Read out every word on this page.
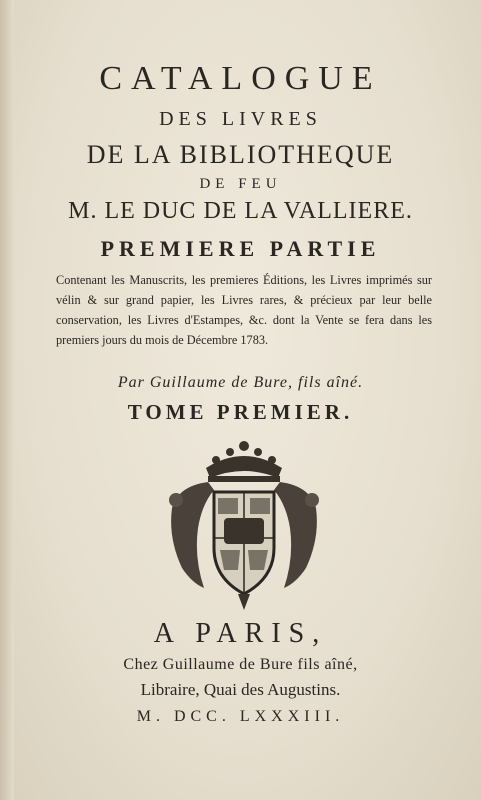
CATALOGUE
DES LIVRES
DE LA BIBLIOTHEQUE
DE FEU
M. LE DUC DE LA VALLIERE.
PREMIERE PARTIE
Contenant les Manuscrits, les premieres Éditions, les Livres imprimés sur vélin & sur grand papier, les Livres rares, & précieux par leur belle conservation, les Livres d'Estampes, &c. dont la Vente se fera dans les premiers jours du mois de Décembre 1783.
Par Guillaume de Bure, fils aîné.
TOME PREMIER.
A PARIS,
Chez Guillaume de Bure fils aîné,
Libraire, Quai des Augustins.
M. DCC. LXXXIII.
